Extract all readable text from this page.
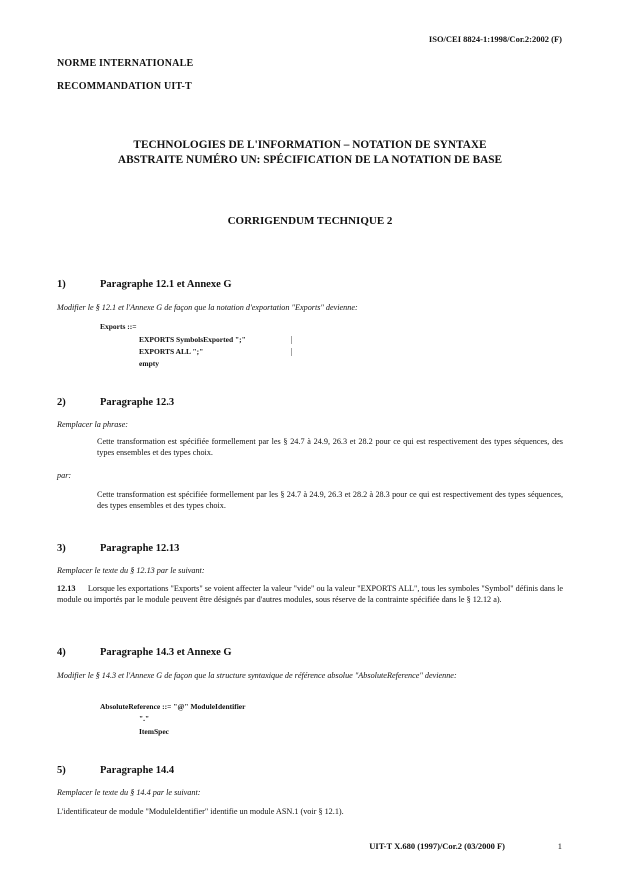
ISO/CEI 8824-1:1998/Cor.2:2002 (F)
NORME INTERNATIONALE
RECOMMANDATION UIT-T
TECHNOLOGIES DE L'INFORMATION – NOTATION DE SYNTAXE
ABSTRAITE NUMÉRO UN: SPÉCIFICATION DE LA NOTATION DE BASE
CORRIGENDUM TECHNIQUE 2
1)	Paragraphe 12.1 et Annexe G
Modifier le § 12.1 et l'Annexe G de façon que la notation d'exportation "Exports" devienne:
Exports ::=
EXPORTS SymbolsExported ";"	|
EXPORTS ALL ";"	|
empty
2)	Paragraphe 12.3
Remplacer la phrase:
Cette transformation est spécifiée formellement par les § 24.7 à 24.9, 26.3 et 28.2 pour ce qui est respectivement des types séquences, des types ensembles et des types choix.
par:
Cette transformation est spécifiée formellement par les § 24.7 à 24.9, 26.3 et 28.2 à 28.3 pour ce qui est respectivement des types séquences, des types ensembles et des types choix.
3)	Paragraphe 12.13
Remplacer le texte du § 12.13 par le suivant:
12.13 Lorsque les exportations "Exports" se voient affecter la valeur "vide" ou la valeur "EXPORTS ALL", tous les symboles "Symbol" définis dans le module ou importés par le module peuvent être désignés par d'autres modules, sous réserve de la contrainte spécifiée dans le § 12.12 a).
4)	Paragraphe 14.3 et Annexe G
Modifier le § 14.3 et l'Annexe G de façon que la structure syntaxique de référence absolue "AbsoluteReference" devienne:
AbsoluteReference ::= "@" ModuleIdentifier
"."
ItemSpec
5)	Paragraphe 14.4
Remplacer le texte du § 14.4 par le suivant:
L'identificateur de module "ModuleIdentifier" identifie un module ASN.1 (voir § 12.1).
UIT-T X.680 (1997)/Cor.2 (03/2000 F)	1
